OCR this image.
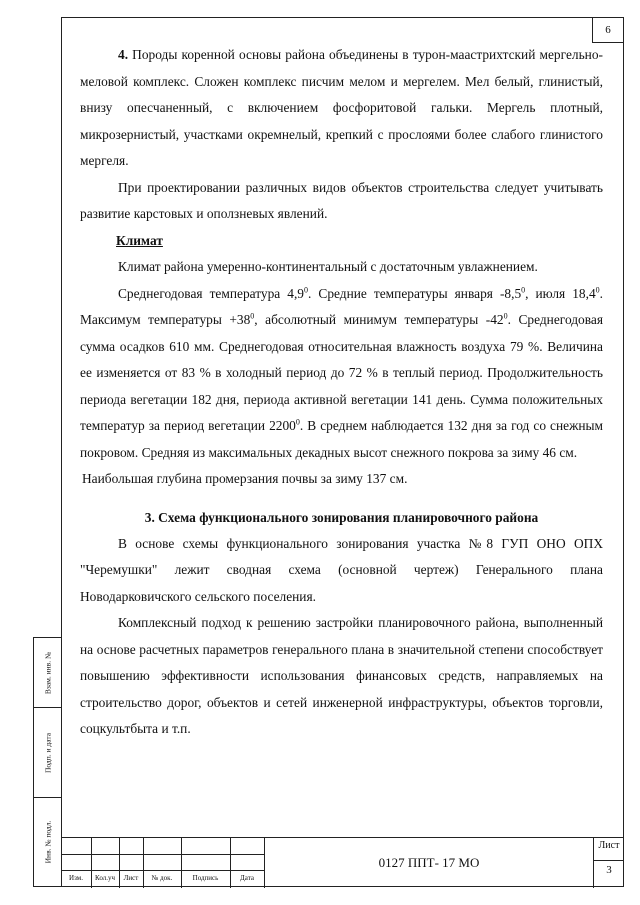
6

4. Породы коренной основы района объединены в турон-маастрихтский мергельно-меловой комплекс. Сложен комплекс писчим мелом и мергелем. Мел белый, глинистый, внизу опесчаненный, с включением фосфоритовой гальки. Мергель плотный, микрозернистый, участками окремнелый, крепкий с прослоями более слабого глинистого мергеля.

При проектировании различных видов объектов строительства следует учитывать развитие карстовых и оползневых явлений.

Климат

Климат района умеренно-континентальный с достаточным увлажнением.

Среднегодовая температура $4,9^0$. Средние температуры января $-8,5^0$, июля 18,4$^0$. Максимум температуры $+38^0$, абсолютный минимум температуры $-42^0$. Среднегодовая сумма осадков 610 мм. Среднегодовая относительная влажность воздуха 79 %. Величина ее изменяется от 83 % в холодный период до 72 % в теплый период. Продолжительность периода вегетации 182 дня, периода активной вегетации 141 день. Сумма положительных температур за период вегетации 2200$^0$. В среднем наблюдается 132 дня за год со снежным покровом. Средняя из максимальных декадных высот снежного покрова за зиму 46 см.

Наибольшая глубина промерзания почвы за зиму 137 см.

3. Схема функционального зонирования планировочного района

В основе схемы функционального зонирования участка №8 ГУП ОНО ОПХ "Черемушки" лежит сводная схема (основной чертеж) Генерального плана Новодарковичского сельского поселения.

Комплексный подход к решению застройки планировочного района, выполненный на основе расчетных параметров генерального плана в значительной степени способствует повышению эффективности использования финансовых средств, направляемых на строительство дорог, объектов и сетей инженерной инфраструктуры, объектов торговли, соцкультбыта и т.п.

Взам. инв. №
Подп. и дата
Инв. № подл.
Изм.	Кол.уч	Лист	№ док.	Подпись	Дата
0127 ППТ- 17 МО
Лист
3
